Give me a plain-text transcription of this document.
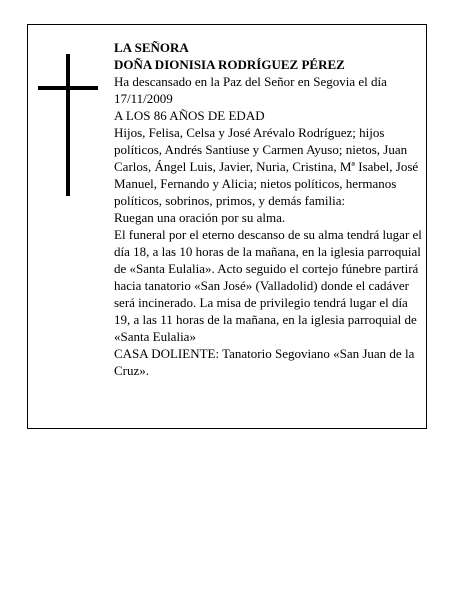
LA SEÑORA

DOÑA DIONISIA RODRÍGUEZ PÉREZ

Ha descansado en la Paz del Señor en Segovia el día 17/11/2009

A LOS 86 AÑOS DE EDAD

Hijos, Felisa, Celsa y José Arévalo Rodríguez; hijos políticos, Andrés Santiuse y Carmen Ayuso; nietos, Juan Carlos, Ángel Luis, Javier, Nuria, Cristina, Mª Isabel, José Manuel, Fernando y Alicia; nietos políticos, hermanos políticos, sobrinos, primos, y demás familia:

Ruegan una oración por su alma.

El funeral por el eterno descanso de su alma tendrá lugar el día 18, a las 10 horas de la mañana, en la iglesia parroquial de «Santa Eulalia». Acto seguido el cortejo fúnebre partirá hacia tanatorio «San José» (Valladolid) donde el cadáver será incinerado. La misa de privilegio tendrá lugar el día 19, a las 11 horas de la mañana, en la iglesia parroquial de «Santa Eulalia»

CASA DOLIENTE: Tanatorio Segoviano «San Juan de la Cruz».
